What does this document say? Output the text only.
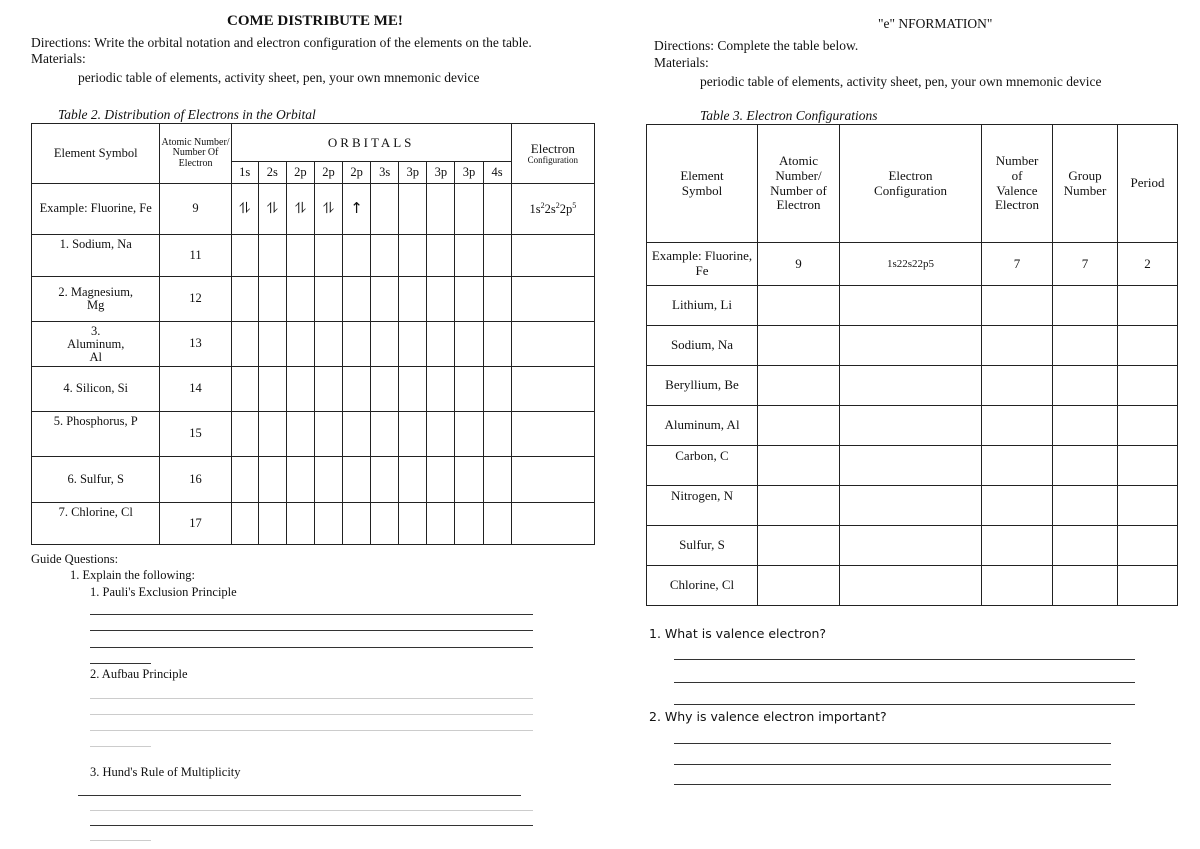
COME DISTRIBUTE ME!
Directions: Write the orbital notation and electron configuration of the elements on the table.
Materials:
periodic table of elements, activity sheet, pen, your own mnemonic device
Table 2. Distribution of Electrons in the Orbital
Element Symbol	Atomic Number/ Number Of Electron	ORBITALS										Electron
Configuration

		1s	2s	2p	2p	2p	3s	3p	3p	3p	4s	
Example: Fluorine, Fe	9	⥮	⥮	⥮	⥮	↑						$1s^22s^22p^5$
1. Sodium, Na	11											
2. Magnesium, Mg	12											
3. Aluminum, Al	13											
4. Silicon, Si	14											
5. Phosphorus, P	15											
6. Sulfur, S	16											
7. Chlorine, Cl	17											
Guide Questions:
1. Explain the following:
1. Pauli's Exclusion Principle
2. Aufbau Principle
3. Hund's Rule of Multiplicity
"e" NFORMATION"
Directions: Complete the table below.
Materials:
periodic table of elements, activity sheet, pen, your own mnemonic device
Table 3. Electron Configurations
Element Symbol	Atomic Number/ Number of Electron	Electron Configuration	Number of Valence Electron	Group Number	Period
Example: Fluorine, Fe	9	1s22s22p5	7	7	2
Lithium, Li					
Sodium, Na					
Beryllium, Be					
Aluminum, Al					
Carbon, C					
Nitrogen, N					
Sulfur, S					
Chlorine, Cl					
1. What is valence electron?
2. Why is valence electron important?
